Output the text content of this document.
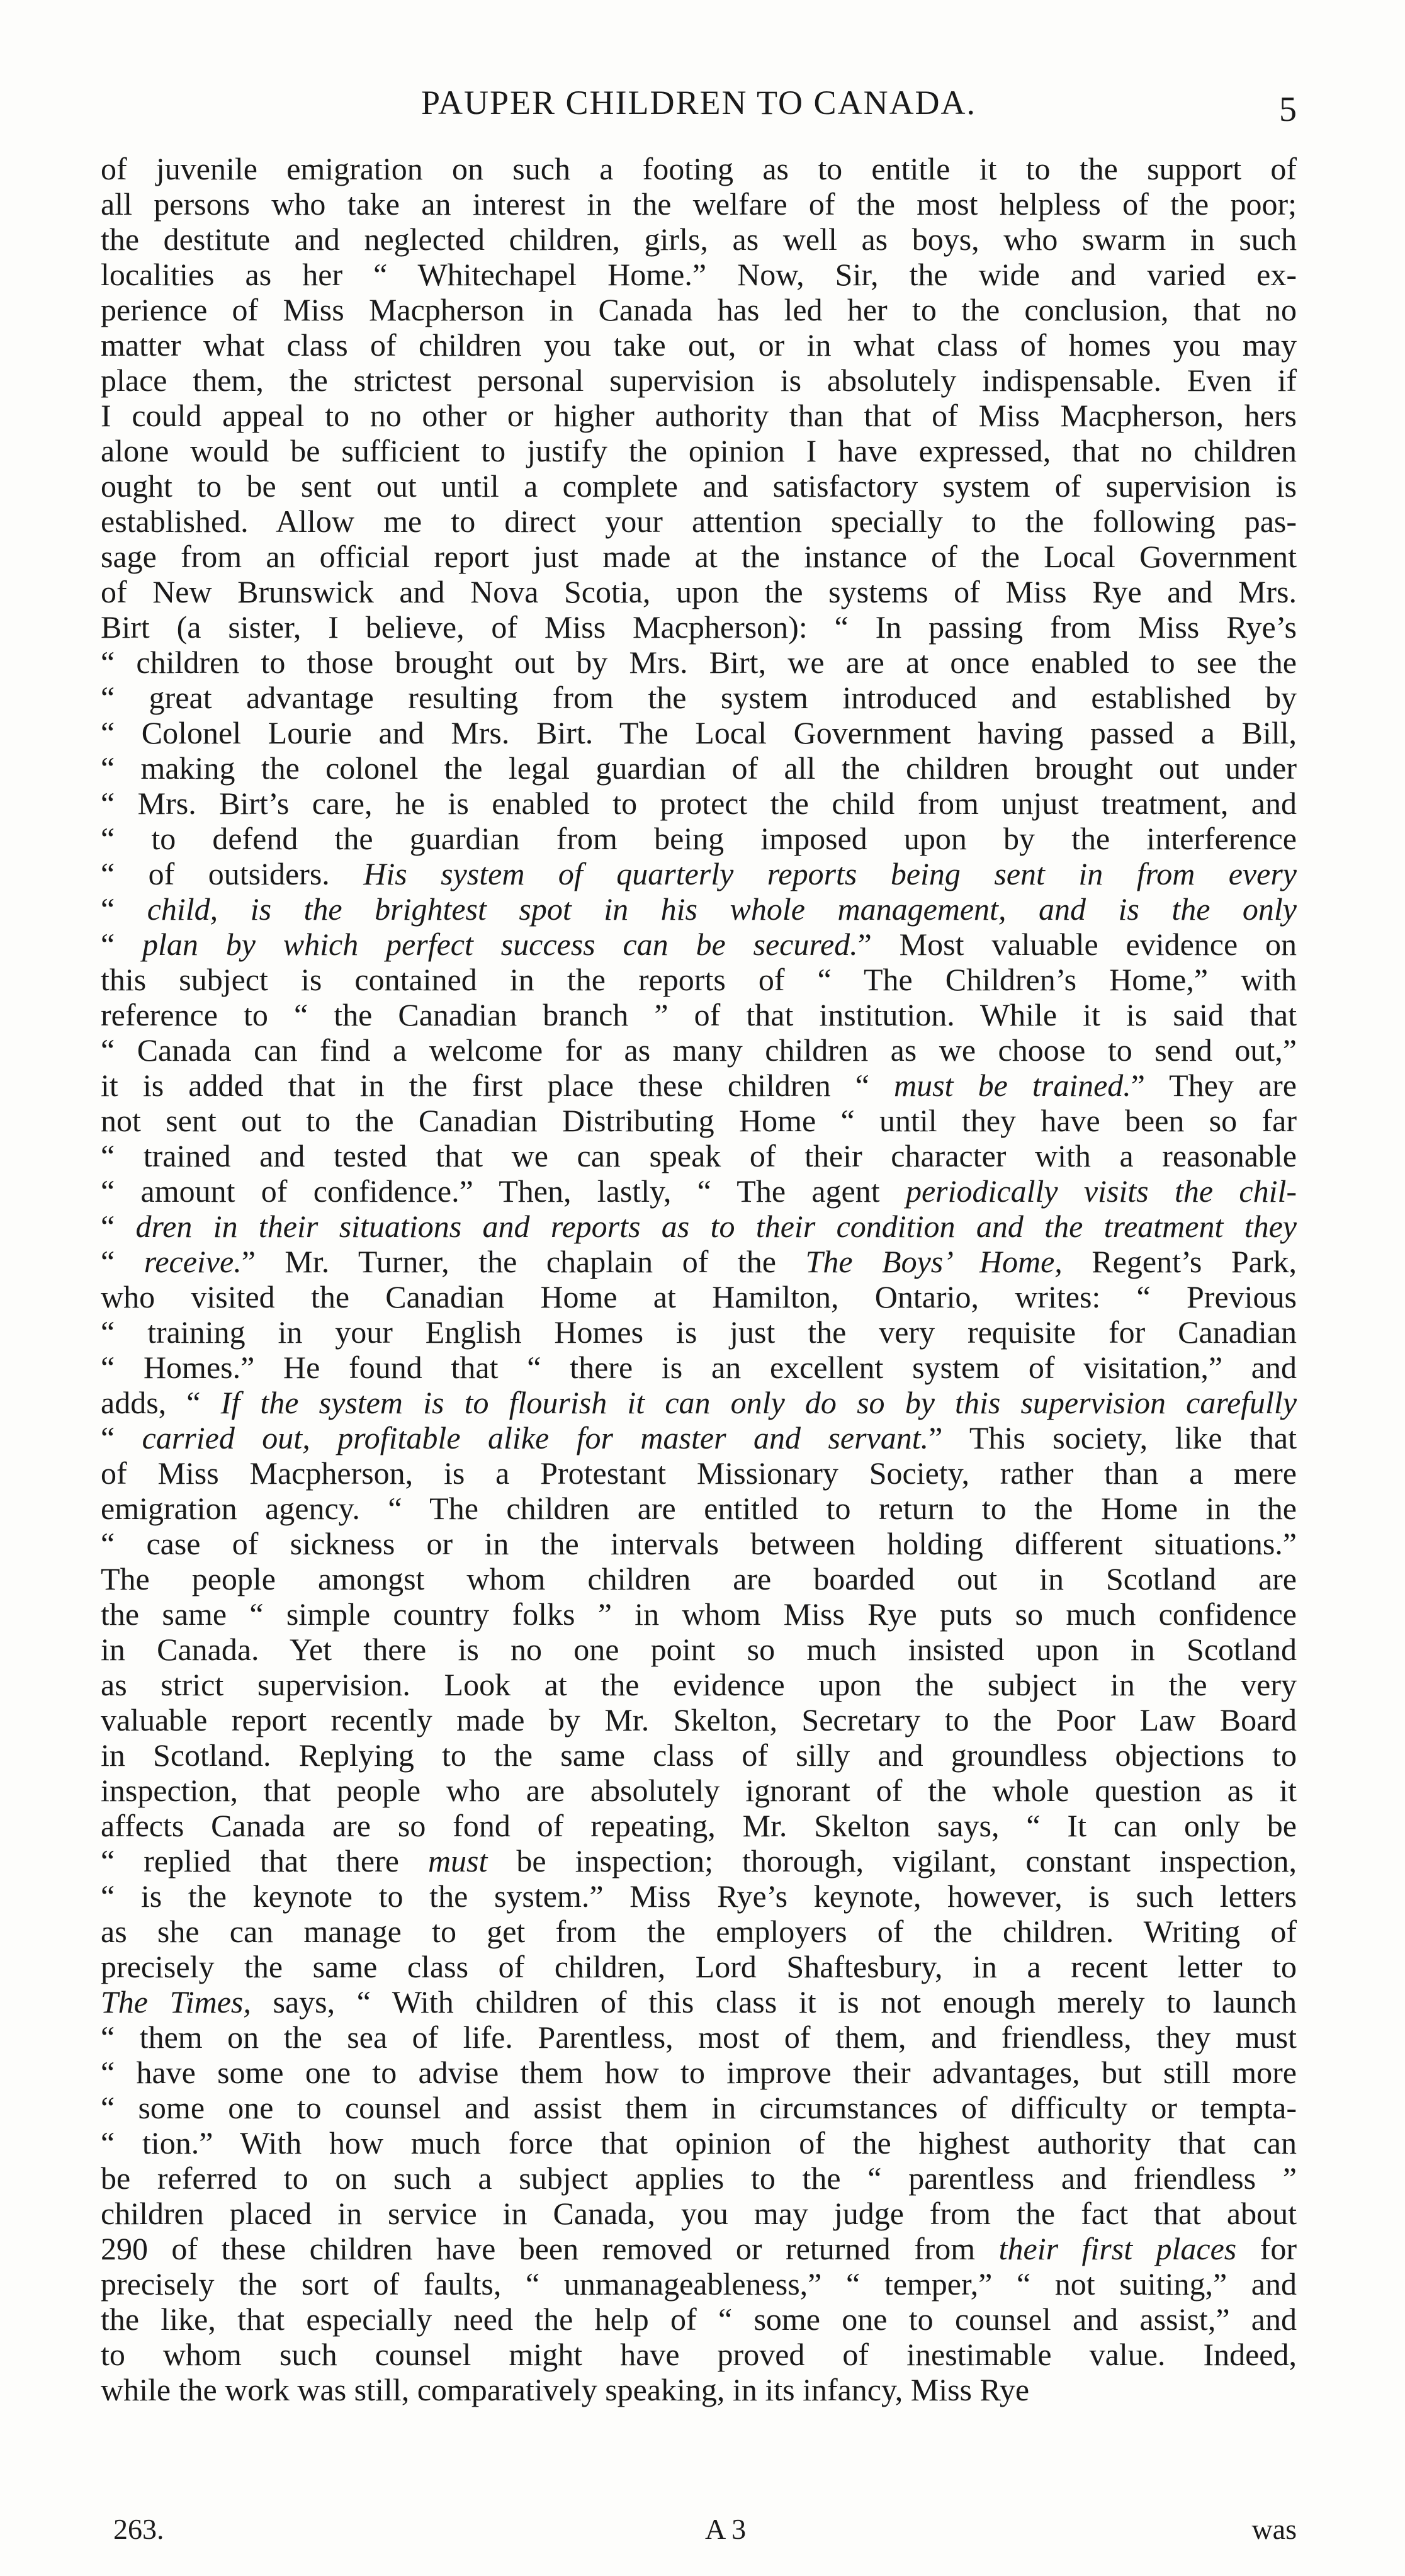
PAUPER CHILDREN TO CANADA.	5
of juvenile emigration on such a footing as to entitle it to the support of
all persons who take an interest in the welfare of the most helpless of the poor;
the destitute and neglected children, girls, as well as boys, who swarm in such
localities as her “ Whitechapel Home.” Now, Sir, the wide and varied ex-
perience of Miss Macpherson in Canada has led her to the conclusion, that no
matter what class of children you take out, or in what class of homes you may
place them, the strictest personal supervision is absolutely indispensable. Even if
I could appeal to no other or higher authority than that of Miss Macpherson, hers
alone would be sufficient to justify the opinion I have expressed, that no children
ought to be sent out until a complete and satisfactory system of supervision is
established. Allow me to direct your attention specially to the following pas-
sage from an official report just made at the instance of the Local Government
of New Brunswick and Nova Scotia, upon the systems of Miss Rye and Mrs.
Birt (a sister, I believe, of Miss Macpherson): “ In passing from Miss Rye’s
“ children to those brought out by Mrs. Birt, we are at once enabled to see the
“ great advantage resulting from the system introduced and established by
“ Colonel Lourie and Mrs. Birt. The Local Government having passed a Bill,
“ making the colonel the legal guardian of all the children brought out under
“ Mrs. Birt’s care, he is enabled to protect the child from unjust treatment, and
“ to defend the guardian from being imposed upon by the interference
“ of outsiders. His system of quarterly reports being sent in from every
“ child, is the brightest spot in his whole management, and is the only
“ plan by which perfect success can be secured.” Most valuable evidence on
this subject is contained in the reports of “ The Children’s Home,” with
reference to “ the Canadian branch ” of that institution. While it is said that
“ Canada can find a welcome for as many children as we choose to send out,”
it is added that in the first place these children “ must be trained.” They are
not sent out to the Canadian Distributing Home “ until they have been so far
“ trained and tested that we can speak of their character with a reasonable
“ amount of confidence.” Then, lastly, “ The agent periodically visits the chil-
“ dren in their situations and reports as to their condition and the treatment they
“ receive.” Mr. Turner, the chaplain of the The Boys’ Home, Regent’s Park,
who visited the Canadian Home at Hamilton, Ontario, writes: “ Previous
“ training in your English Homes is just the very requisite for Canadian
“ Homes.” He found that “ there is an excellent system of visitation,” and
adds, “ If the system is to flourish it can only do so by this supervision carefully
“ carried out, profitable alike for master and servant.” This society, like that
of Miss Macpherson, is a Protestant Missionary Society, rather than a mere
emigration agency. “ The children are entitled to return to the Home in the
“ case of sickness or in the intervals between holding different situations.”
The people amongst whom children are boarded out in Scotland are
the same “ simple country folks ” in whom Miss Rye puts so much confidence
in Canada. Yet there is no one point so much insisted upon in Scotland
as strict supervision. Look at the evidence upon the subject in the very
valuable report recently made by Mr. Skelton, Secretary to the Poor Law Board
in Scotland. Replying to the same class of silly and groundless objections to
inspection, that people who are absolutely ignorant of the whole question as it
affects Canada are so fond of repeating, Mr. Skelton says, “ It can only be
“ replied that there must be inspection; thorough, vigilant, constant inspection,
“ is the keynote to the system.” Miss Rye’s keynote, however, is such letters
as she can manage to get from the employers of the children. Writing of
precisely the same class of children, Lord Shaftesbury, in a recent letter to
The Times, says, “ With children of this class it is not enough merely to launch
“ them on the sea of life. Parentless, most of them, and friendless, they must
“ have some one to advise them how to improve their advantages, but still more
“ some one to counsel and assist them in circumstances of difficulty or tempta-
“ tion.” With how much force that opinion of the highest authority that can
be referred to on such a subject applies to the “ parentless and friendless ”
children placed in service in Canada, you may judge from the fact that about
290 of these children have been removed or returned from their first places for
precisely the sort of faults, “ unmanageableness,” “ temper,” “ not suiting,” and
the like, that especially need the help of “ some one to counsel and assist,” and
to whom such counsel might have proved of inestimable value. Indeed,
while the work was still, comparatively speaking, in its infancy, Miss Rye
263.	A 3	was
